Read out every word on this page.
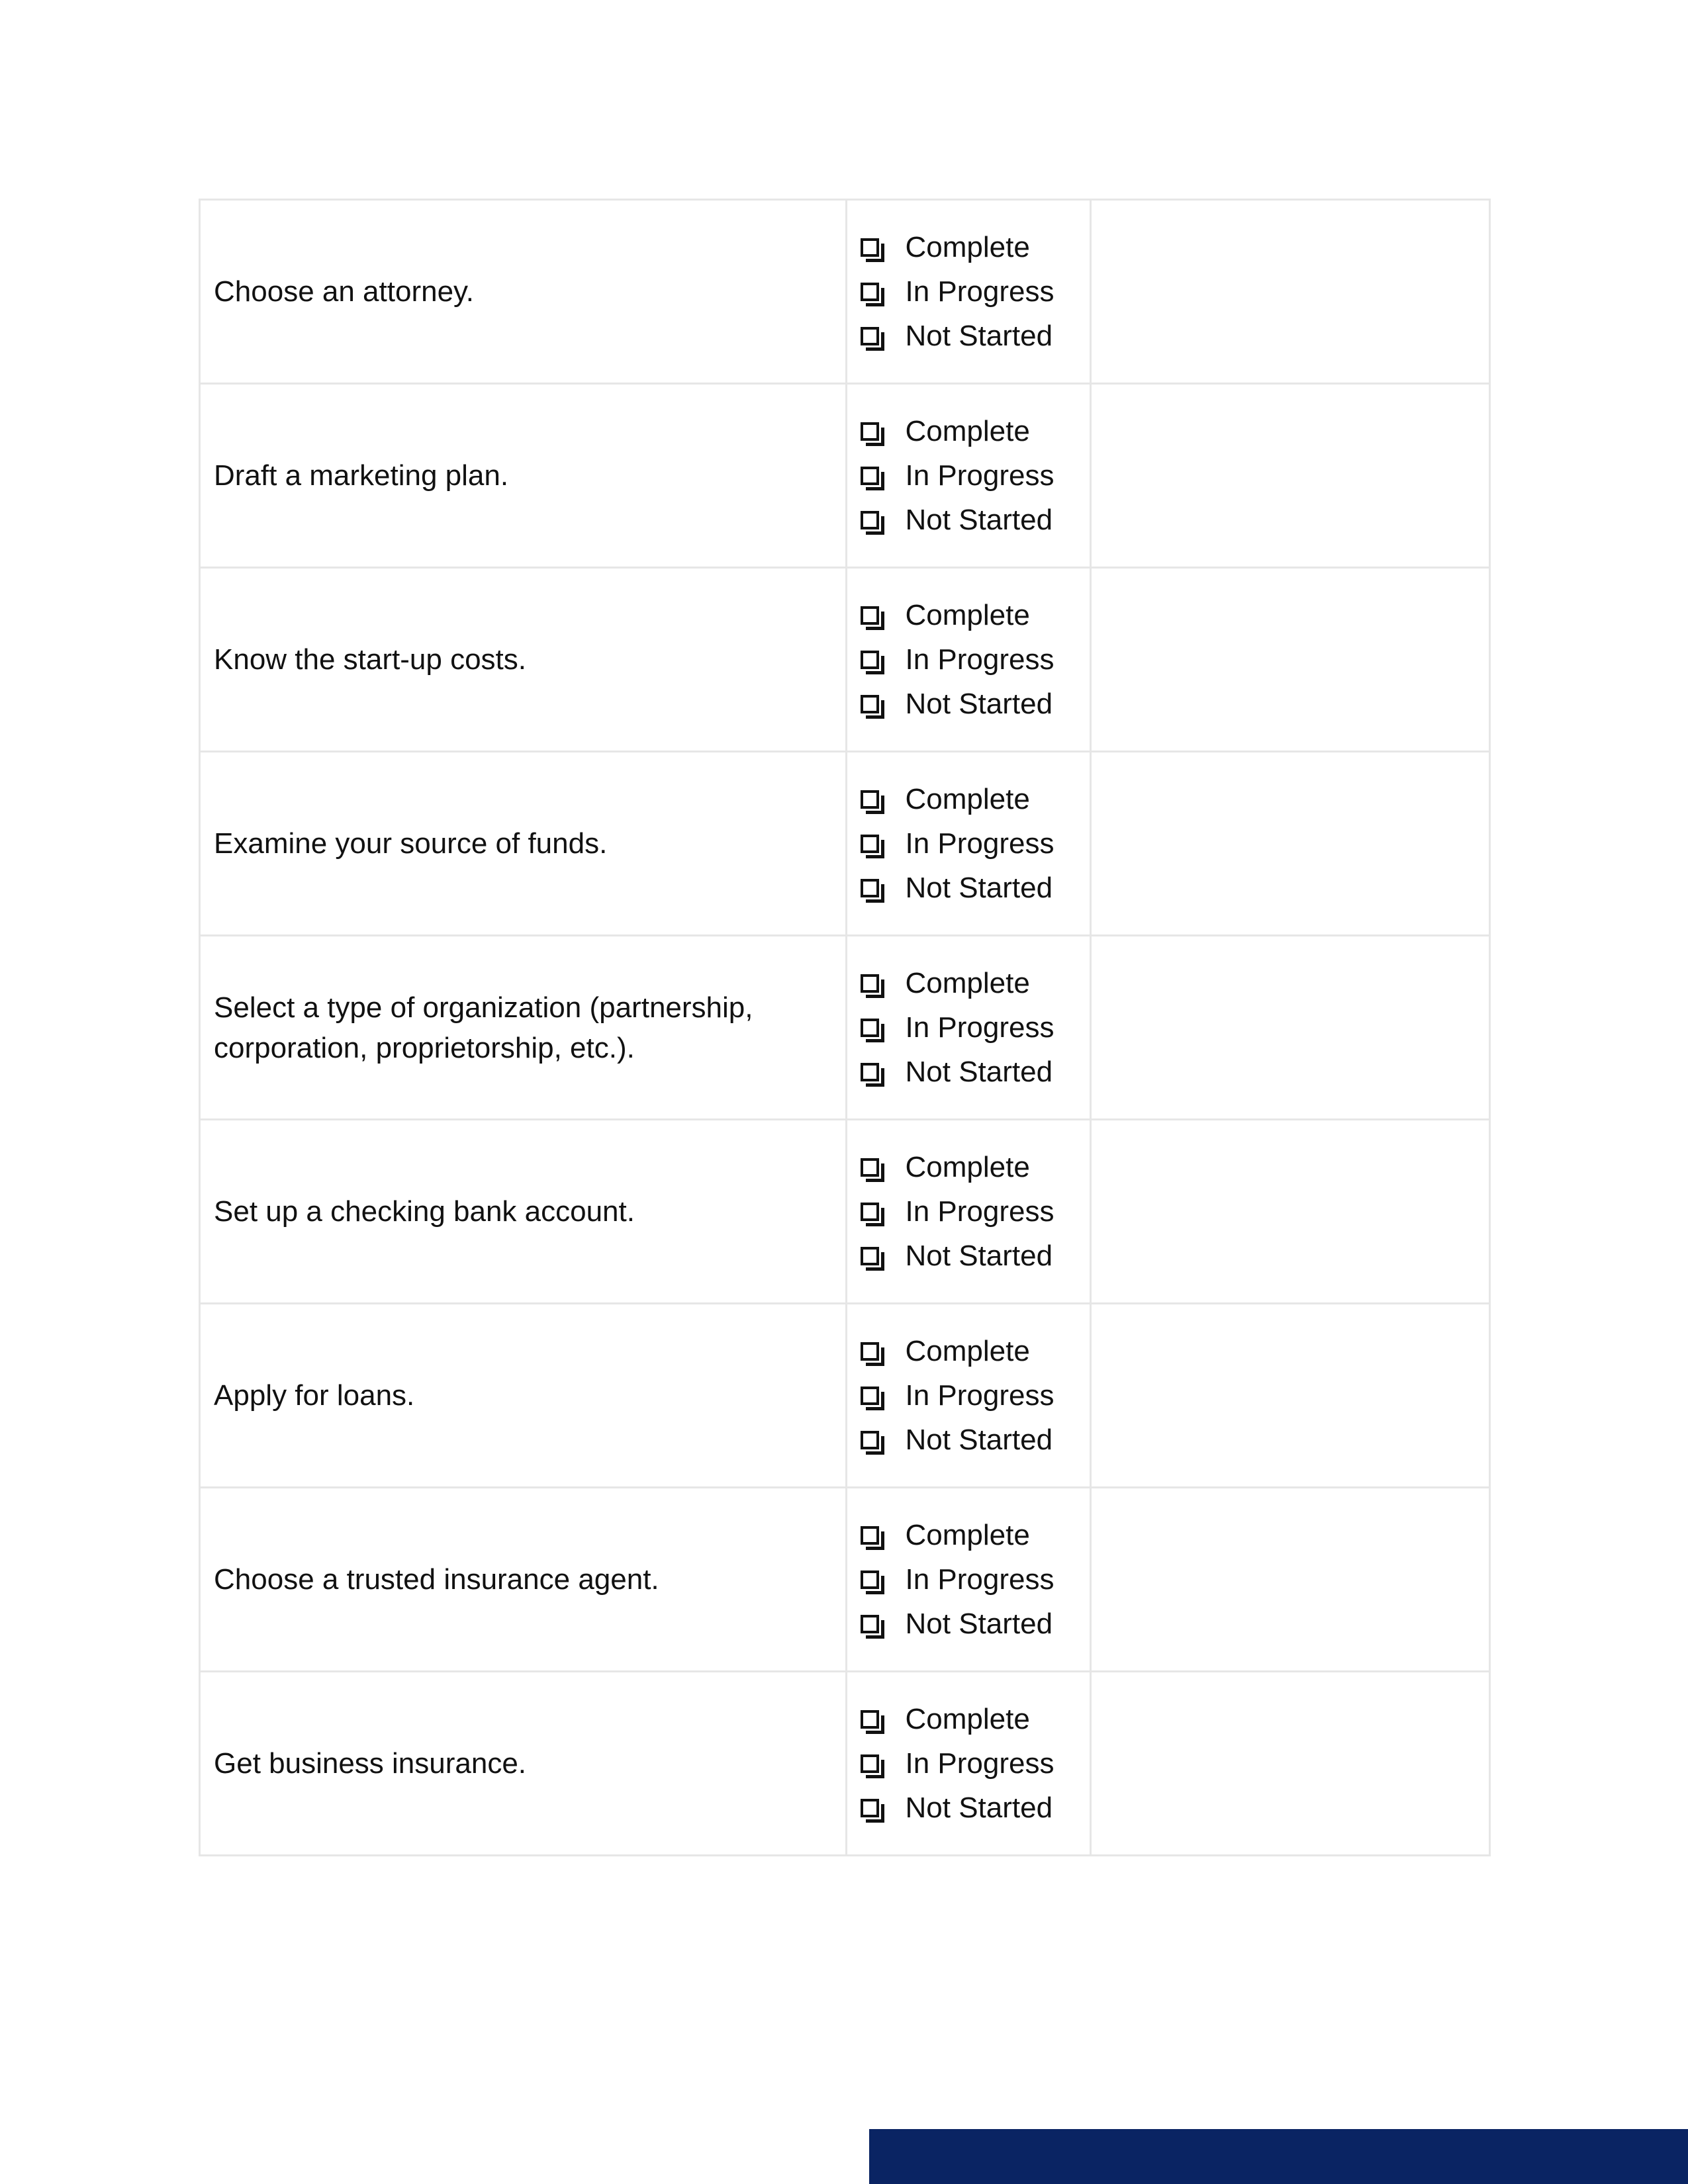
Choose an attorney.	Complete
In Progress
Not Started	

Draft a marketing plan.	Complete
In Progress
Not Started	

Know the start-up costs.	Complete
In Progress
Not Started	

Examine your source of funds.	Complete
In Progress
Not Started	

Select a type of organization (partnership, corporation, proprietorship, etc.).	Complete
In Progress
Not Started	

Set up a checking bank account.	Complete
In Progress
Not Started	

Apply for loans.	Complete
In Progress
Not Started	

Choose a trusted insurance agent.	Complete
In Progress
Not Started	

Get business insurance.	Complete
In Progress
Not Started	
